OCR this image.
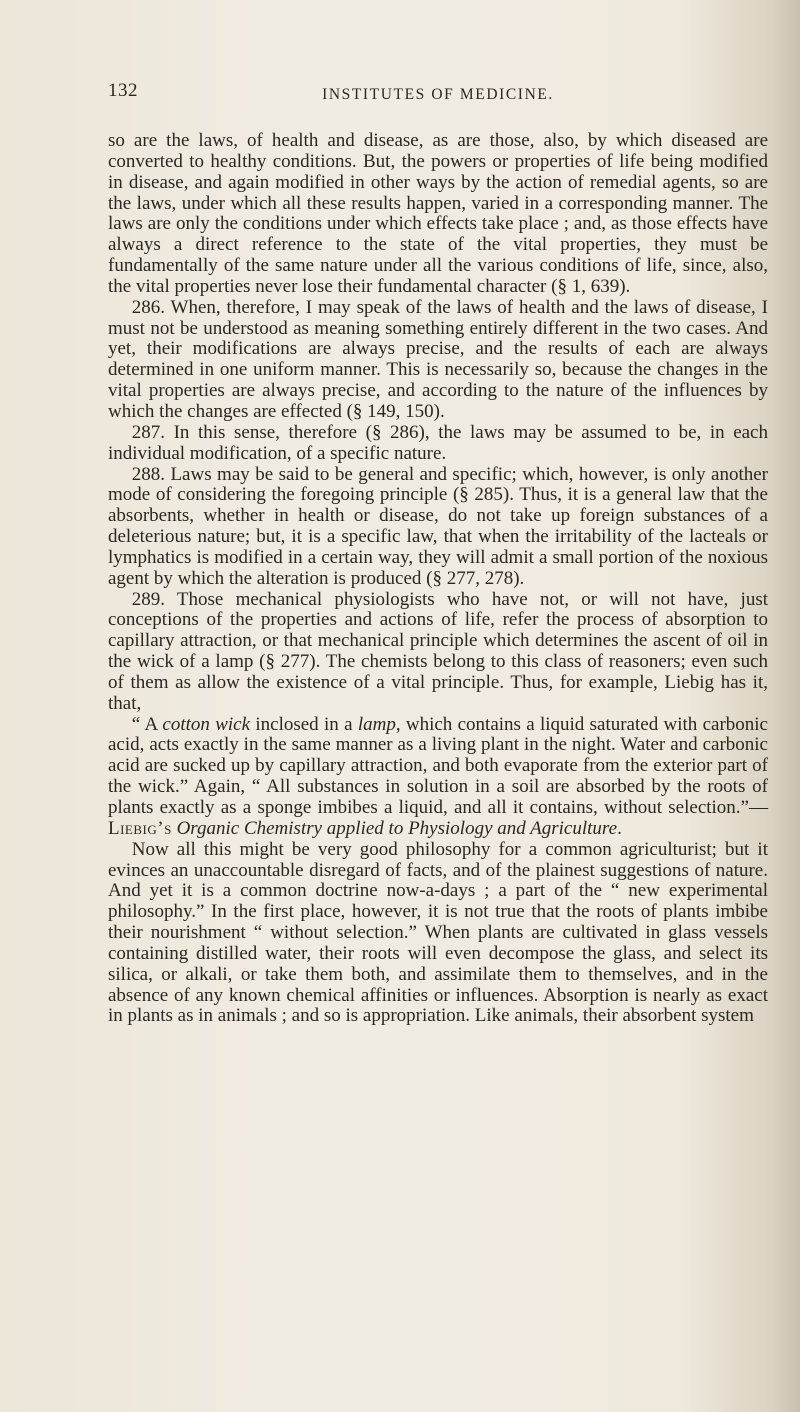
132	INSTITUTES OF MEDICINE.

so are the laws, of health and disease, as are those, also, by which diseased are converted to healthy conditions. But, the powers or properties of life being modified in disease, and again modified in other ways by the action of remedial agents, so are the laws, under which all these results happen, varied in a corresponding manner. The laws are only the conditions under which effects take place ; and, as those effects have always a direct reference to the state of the vital properties, they must be fundamentally of the same nature under all the various conditions of life, since, also, the vital properties never lose their fundamental character (§ 1, 639).

286. When, therefore, I may speak of the laws of health and the laws of disease, I must not be understood as meaning something entirely different in the two cases. And yet, their modifications are always precise, and the results of each are always determined in one uniform manner. This is necessarily so, because the changes in the vital properties are always precise, and according to the nature of the influences by which the changes are effected (§ 149, 150).

287. In this sense, therefore (§ 286), the laws may be assumed to be, in each individual modification, of a specific nature.

288. Laws may be said to be general and specific; which, however, is only another mode of considering the foregoing principle (§ 285). Thus, it is a general law that the absorbents, whether in health or disease, do not take up foreign substances of a deleterious nature; but, it is a specific law, that when the irritability of the lacteals or lymphatics is modified in a certain way, they will admit a small portion of the noxious agent by which the alteration is produced (§ 277, 278).

289. Those mechanical physiologists who have not, or will not have, just conceptions of the properties and actions of life, refer the process of absorption to capillary attraction, or that mechanical principle which determines the ascent of oil in the wick of a lamp (§ 277). The chemists belong to this class of reasoners; even such of them as allow the existence of a vital principle. Thus, for example, Liebig has it, that,

“ A cotton wick inclosed in a lamp, which contains a liquid saturated with carbonic acid, acts exactly in the same manner as a living plant in the night. Water and carbonic acid are sucked up by capillary attraction, and both evaporate from the exterior part of the wick.” Again, “ All substances in solution in a soil are absorbed by the roots of plants exactly as a sponge imbibes a liquid, and all it contains, without selection.”—Liebig’s Organic Chemistry applied to Physiology and Agriculture.

Now all this might be very good philosophy for a common agriculturist; but it evinces an unaccountable disregard of facts, and of the plainest suggestions of nature. And yet it is a common doctrine now-a-days ; a part of the “ new experimental philosophy.” In the first place, however, it is not true that the roots of plants imbibe their nourishment “ without selection.” When plants are cultivated in glass vessels containing distilled water, their roots will even decompose the glass, and select its silica, or alkali, or take them both, and assimilate them to themselves, and in the absence of any known chemical affinities or influences. Absorption is nearly as exact in plants as in animals ; and so is appropriation. Like animals, their absorbent system
